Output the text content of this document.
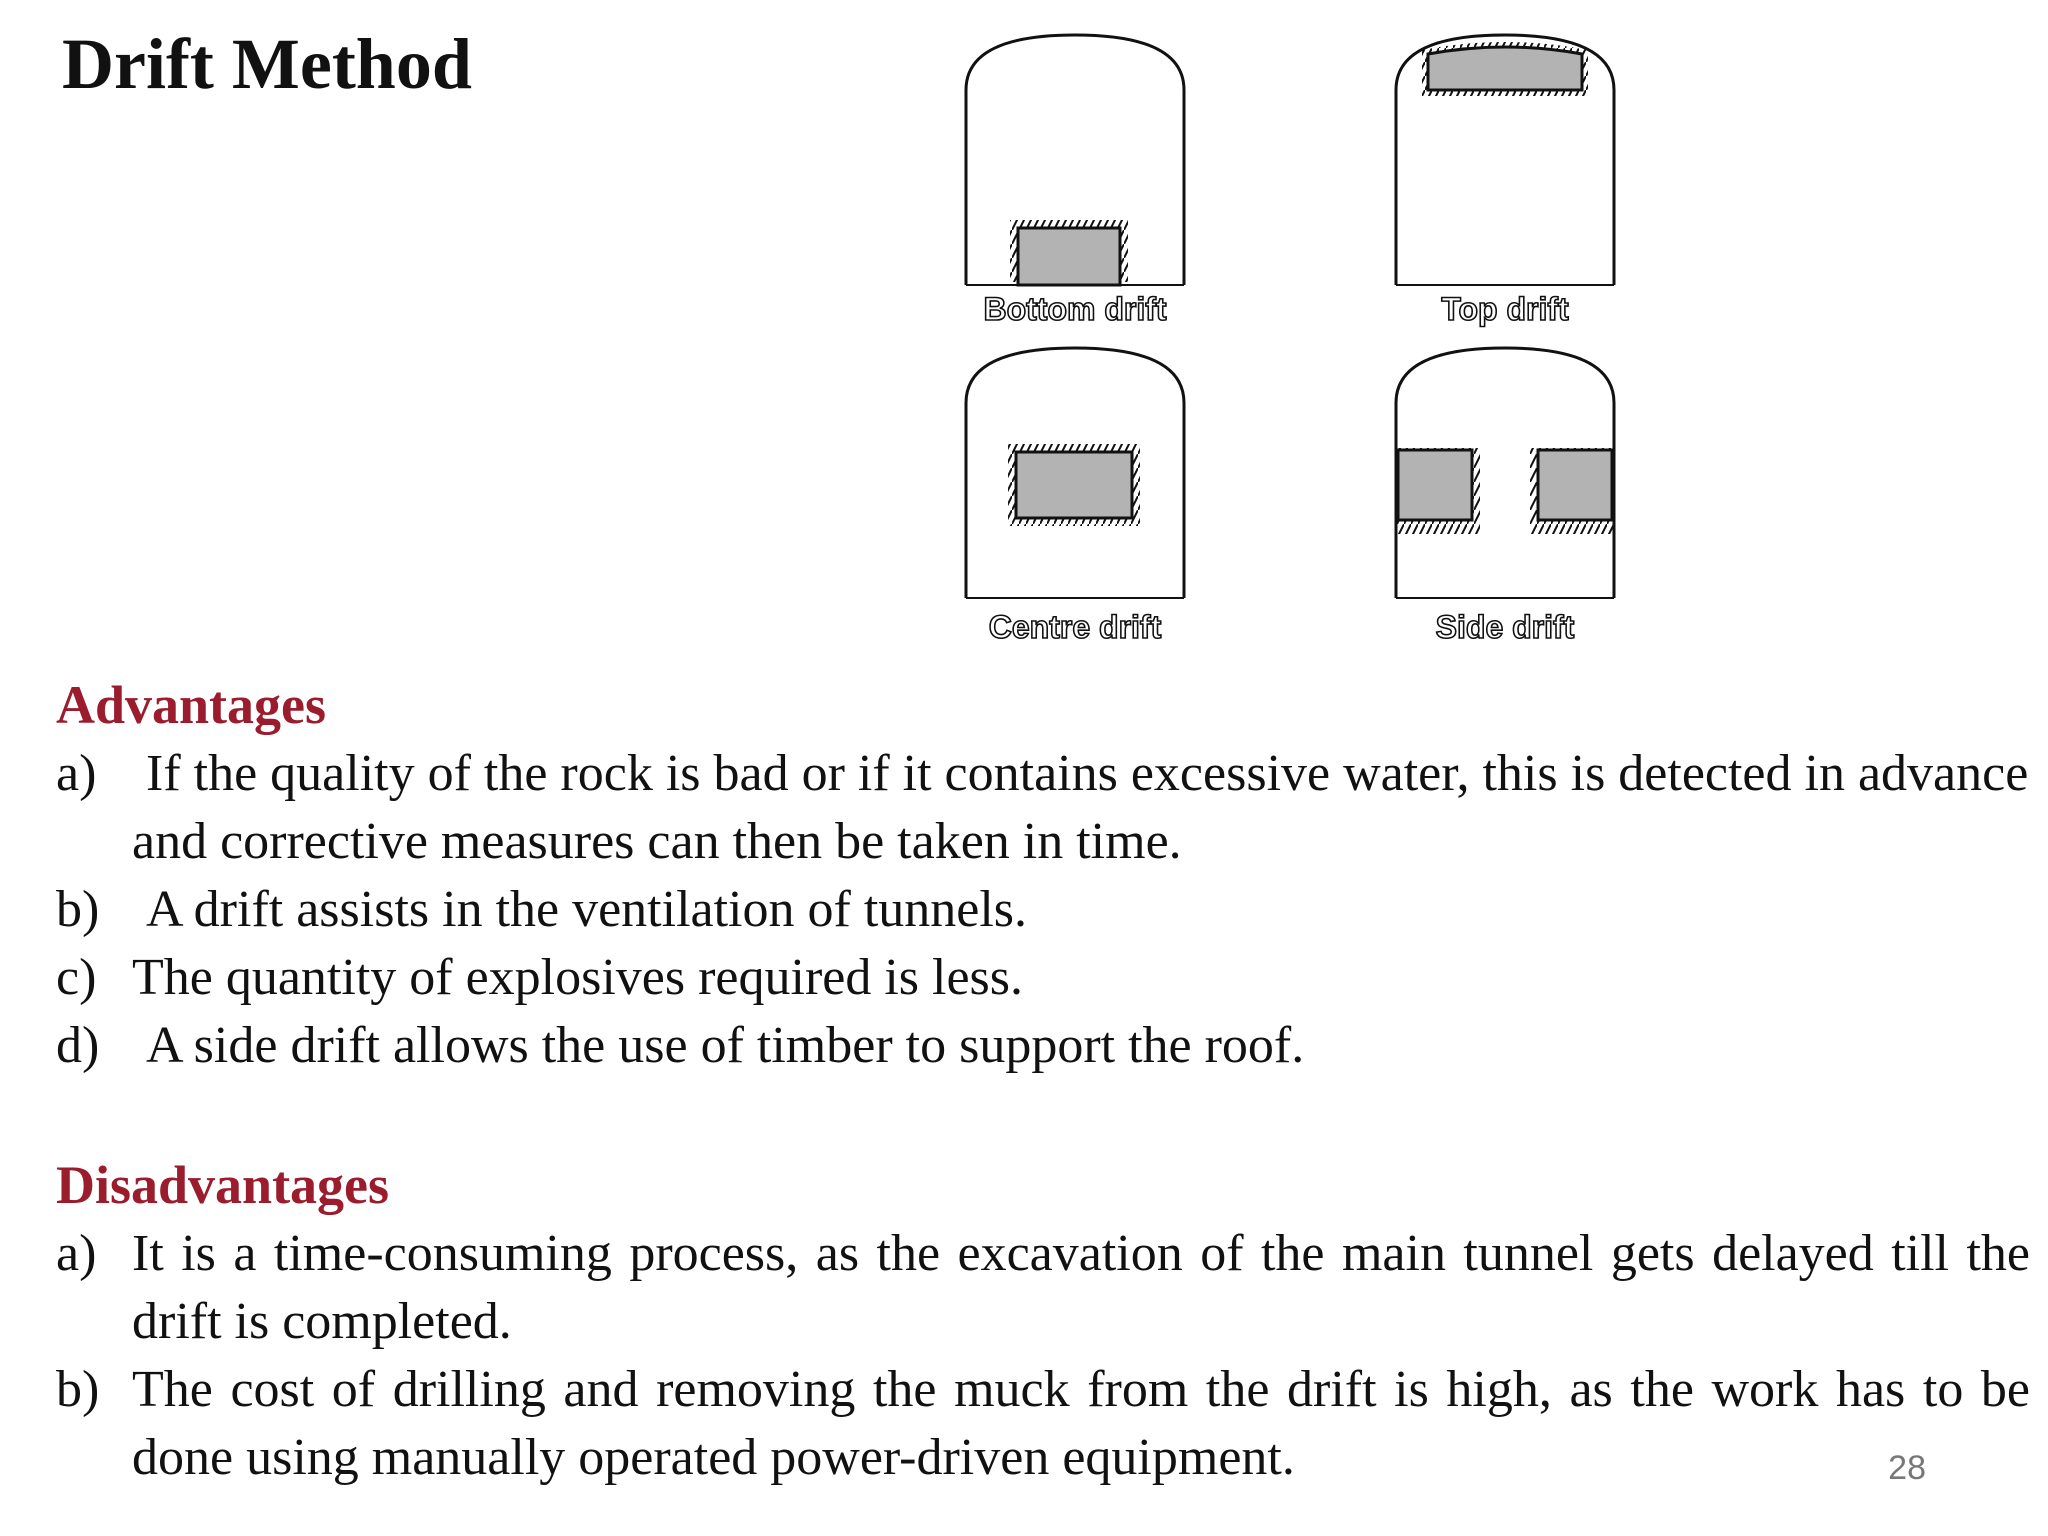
Drift Method
Bottom drift	Top drift
Centre drift	Side drift
Advantages
a) If the quality of the rock is bad or if it contains excessive water, this is detected in advance and corrective measures can then be taken in time.
b) A drift assists in the ventilation of tunnels.
c) The quantity of explosives required is less.
d) A side drift allows the use of timber to support the roof.
Disadvantages
a) It is a time-consuming process, as the excavation of the main tunnel gets delayed till the drift is completed.
b) The cost of drilling and removing the muck from the drift is high, as the work has to be done using manually operated power-driven equipment.	28
